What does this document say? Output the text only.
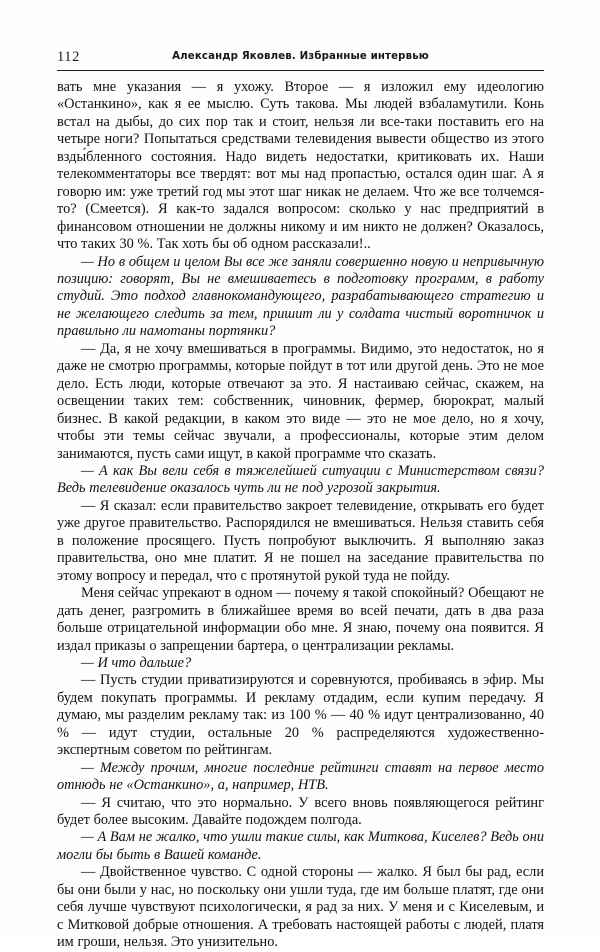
112	Александр Яковлев. Избранные интервью

вать мне указания — я ухожу. Второе — я изложил ему идеологию «Останкино», как я ее мыслю. Суть такова. Мы людей взбаламутили. Конь встал на дыбы, до сих пор так и стоит, нельзя ли все-таки поставить его на четыре ноги? Попытаться средствами телевидения вывести общество из этого взды́бленного состояния. Надо видеть недостатки, критиковать их. Наши телекомментаторы все твердят: вот мы над пропастью, остался один шаг. А я говорю им: уже третий год мы этот шаг никак не делаем. Что же все толчемся-то? (Смеется). Я как-то задался вопросом: сколько у нас предприятий в финансовом отношении не должны никому и им никто не должен? Оказалось, что таких 30 %. Так хоть бы об одном рассказали!..

— Но в общем и целом Вы все же заняли совершенно новую и непривычную позицию: говорят, Вы не вмешиваетесь в подготовку программ, в работу студий. Это подход главнокомандующего, разрабатывающего стратегию и не желающего следить за тем, пришит ли у солдата чистый воротничок и правильно ли намотаны портянки?

— Да, я не хочу вмешиваться в программы. Видимо, это недостаток, но я даже не смотрю программы, которые пойдут в тот или другой день. Это не мое дело. Есть люди, которые отвечают за это. Я настаиваю сейчас, скажем, на освещении таких тем: собственник, чиновник, фермер, бюрократ, малый бизнес. В какой редакции, в каком это виде — это не мое дело, но я хочу, чтобы эти темы сейчас звучали, а профессионалы, которые этим делом занимаются, пусть сами ищут, в какой программе что сказать.

— А как Вы вели себя в тяжелейшей ситуации с Министерством связи? Ведь телевидение оказалось чуть ли не под угрозой закрытия.

— Я сказал: если правительство закроет телевидение, открывать его будет уже другое правительство. Распорядился не вмешиваться. Нельзя ставить себя в положение просящего. Пусть попробуют выключить. Я выполняю заказ правительства, оно мне платит. Я не пошел на заседание правительства по этому вопросу и передал, что с протянутой рукой туда не пойду.

Меня сейчас упрекают в одном — почему я такой спокойный? Обещают не дать денег, разгромить в ближайшее время во всей печати, дать в два раза больше отрицательной информации обо мне. Я знаю, почему она появится. Я издал приказы о запрещении бартера, о централизации рекламы.

— И что дальше?

— Пусть студии приватизируются и соревнуются, пробиваясь в эфир. Мы будем покупать программы. И рекламу отдадим, если купим передачу. Я думаю, мы разделим рекламу так: из 100 % — 40 % идут централизованно, 40 % — идут студии, остальные 20 % распределяются художественно-экспертным советом по рейтингам.

— Между прочим, многие последние рейтинги ставят на первое место отнюдь не «Останкино», а, например, НТВ.

— Я считаю, что это нормально. У всего вновь появляющегося рейтинг будет более высоким. Давайте подождем полгода.

— А Вам не жалко, что ушли такие силы, как Миткова, Киселев? Ведь они могли бы быть в Вашей команде.

— Двойственное чувство. С одной стороны — жалко. Я был бы рад, если бы они были у нас, но поскольку они ушли туда, где им больше платят, где они себя лучше чувствуют психологически, я рад за них. У меня и с Киселевым, и с Митковой добрые отношения. А требовать настоящей работы с людей, платя им гроши, нельзя. Это унизительно.
